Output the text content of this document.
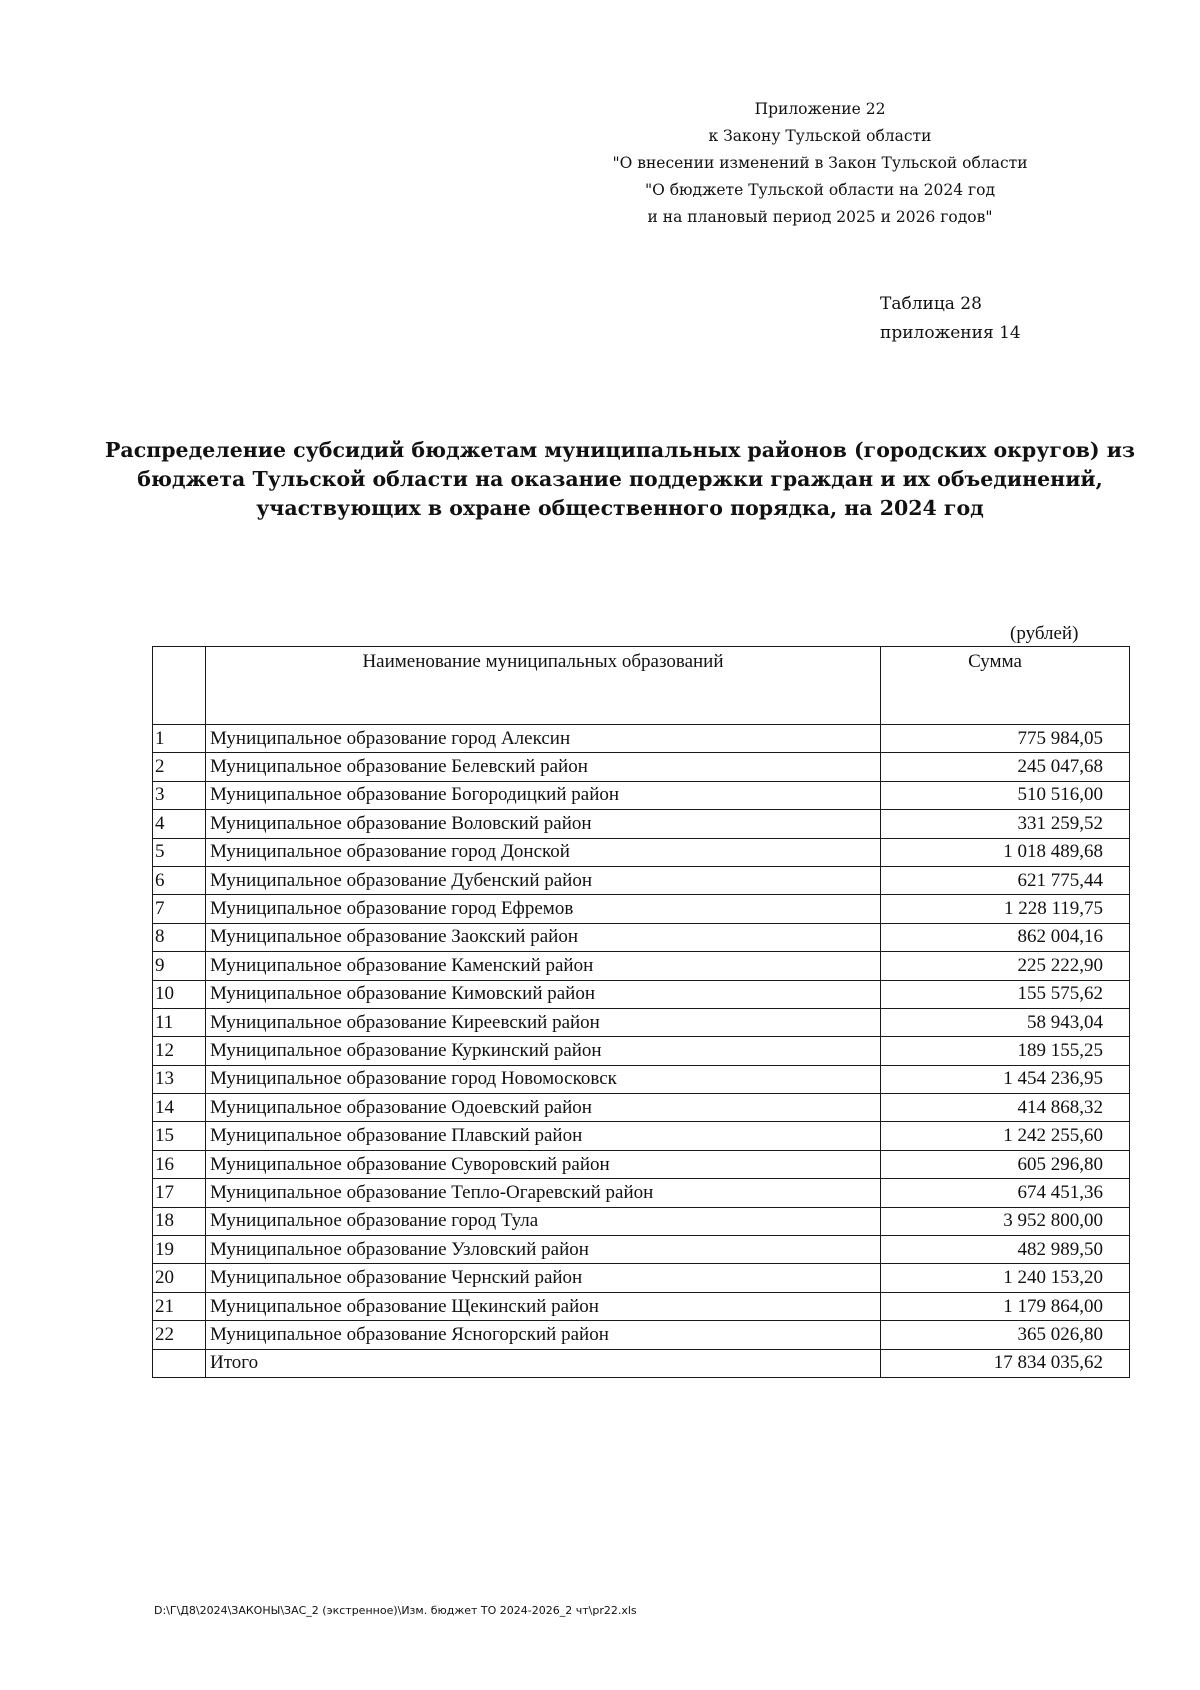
Приложение 22
к Закону Тульской области
"О внесении изменений в Закон Тульской области
"О бюджете Тульской области на 2024 год
и на плановый период 2025 и 2026 годов"
Таблица 28
приложения 14
Распределение субсидий бюджетам муниципальных районов (городских округов) из
бюджета Тульской области на оказание поддержки граждан и их объединений,
участвующих в охране общественного порядка, на 2024 год
(рублей)
	Наименование муниципальных образований	Сумма
1	Муниципальное образование город Алексин	775 984,05
2	Муниципальное образование Белевский район	245 047,68
3	Муниципальное образование Богородицкий район	510 516,00
4	Муниципальное образование Воловский район	331 259,52
5	Муниципальное образование город Донской	1 018 489,68
6	Муниципальное образование Дубенский район	621 775,44
7	Муниципальное образование город Ефремов	1 228 119,75
8	Муниципальное образование Заокский район	862 004,16
9	Муниципальное образование Каменский район	225 222,90
10	Муниципальное образование Кимовский район	155 575,62
11	Муниципальное образование Киреевский район	58 943,04
12	Муниципальное образование Куркинский район	189 155,25
13	Муниципальное образование город Новомосковск	1 454 236,95
14	Муниципальное образование Одоевский район	414 868,32
15	Муниципальное образование Плавский район	1 242 255,60
16	Муниципальное образование Суворовский район	605 296,80
17	Муниципальное образование Тепло-Огаревский район	674 451,36
18	Муниципальное образование город Тула	3 952 800,00
19	Муниципальное образование Узловский район	482 989,50
20	Муниципальное образование Чернский район	1 240 153,20
21	Муниципальное образование Щекинский район	1 179 864,00
22	Муниципальное образование Ясногорский район	365 026,80
	Итого	17 834 035,62
D:\Г\Д8\2024\ЗАКОНЫ\ЗАС_2 (экстренное)\Изм. бюджет ТО 2024-2026_2 чт\pr22.xls
